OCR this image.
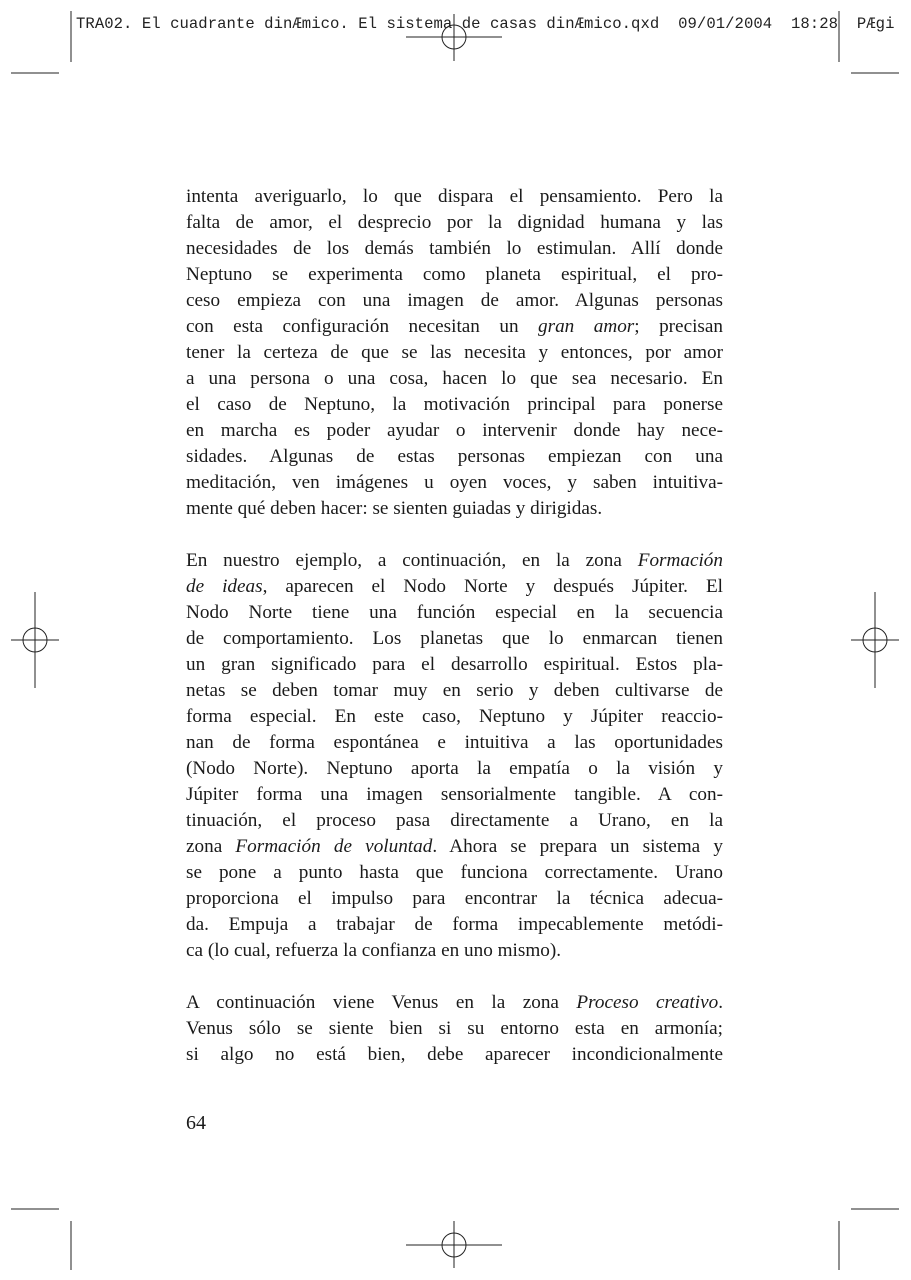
TRA02. El cuadrante dinÆmico. El sistema de casas dinÆmico.qxd  09/01/2004  18:28  PÆgi
intenta averiguarlo, lo que dispara el pensamiento. Pero la
falta de amor, el desprecio por la dignidad humana y las
necesidades de los demás también lo estimulan. Allí donde
Neptuno se experimenta como planeta espiritual, el pro-
ceso empieza con una imagen de amor. Algunas personas
con esta configuración necesitan un gran amor; precisan
tener la certeza de que se las necesita y entonces, por amor
a una persona o una cosa, hacen lo que sea necesario. En
el caso de Neptuno, la motivación principal para ponerse
en marcha es poder ayudar o intervenir donde hay nece-
sidades. Algunas de estas personas empiezan con una
meditación, ven imágenes u oyen voces, y saben intuitiva-
mente qué deben hacer: se sienten guiadas y dirigidas.
En nuestro ejemplo, a continuación, en la zona Formación
de ideas, aparecen el Nodo Norte y después Júpiter. El
Nodo Norte tiene una función especial en la secuencia
de comportamiento. Los planetas que lo enmarcan tienen
un gran significado para el desarrollo espiritual. Estos pla-
netas se deben tomar muy en serio y deben cultivarse de
forma especial. En este caso, Neptuno y Júpiter reaccio-
nan de forma espontánea e intuitiva a las oportunidades
(Nodo Norte). Neptuno aporta la empatía o la visión y
Júpiter forma una imagen sensorialmente tangible. A con-
tinuación, el proceso pasa directamente a Urano, en la
zona Formación de voluntad. Ahora se prepara un sistema y
se pone a punto hasta que funciona correctamente. Urano
proporciona el impulso para encontrar la técnica adecua-
da. Empuja a trabajar de forma impecablemente metódi-
ca (lo cual, refuerza la confianza en uno mismo).
A continuación viene Venus en la zona Proceso creativo.
Venus sólo se siente bien si su entorno esta en armonía;
si algo no está bien, debe aparecer incondicionalmente
64
